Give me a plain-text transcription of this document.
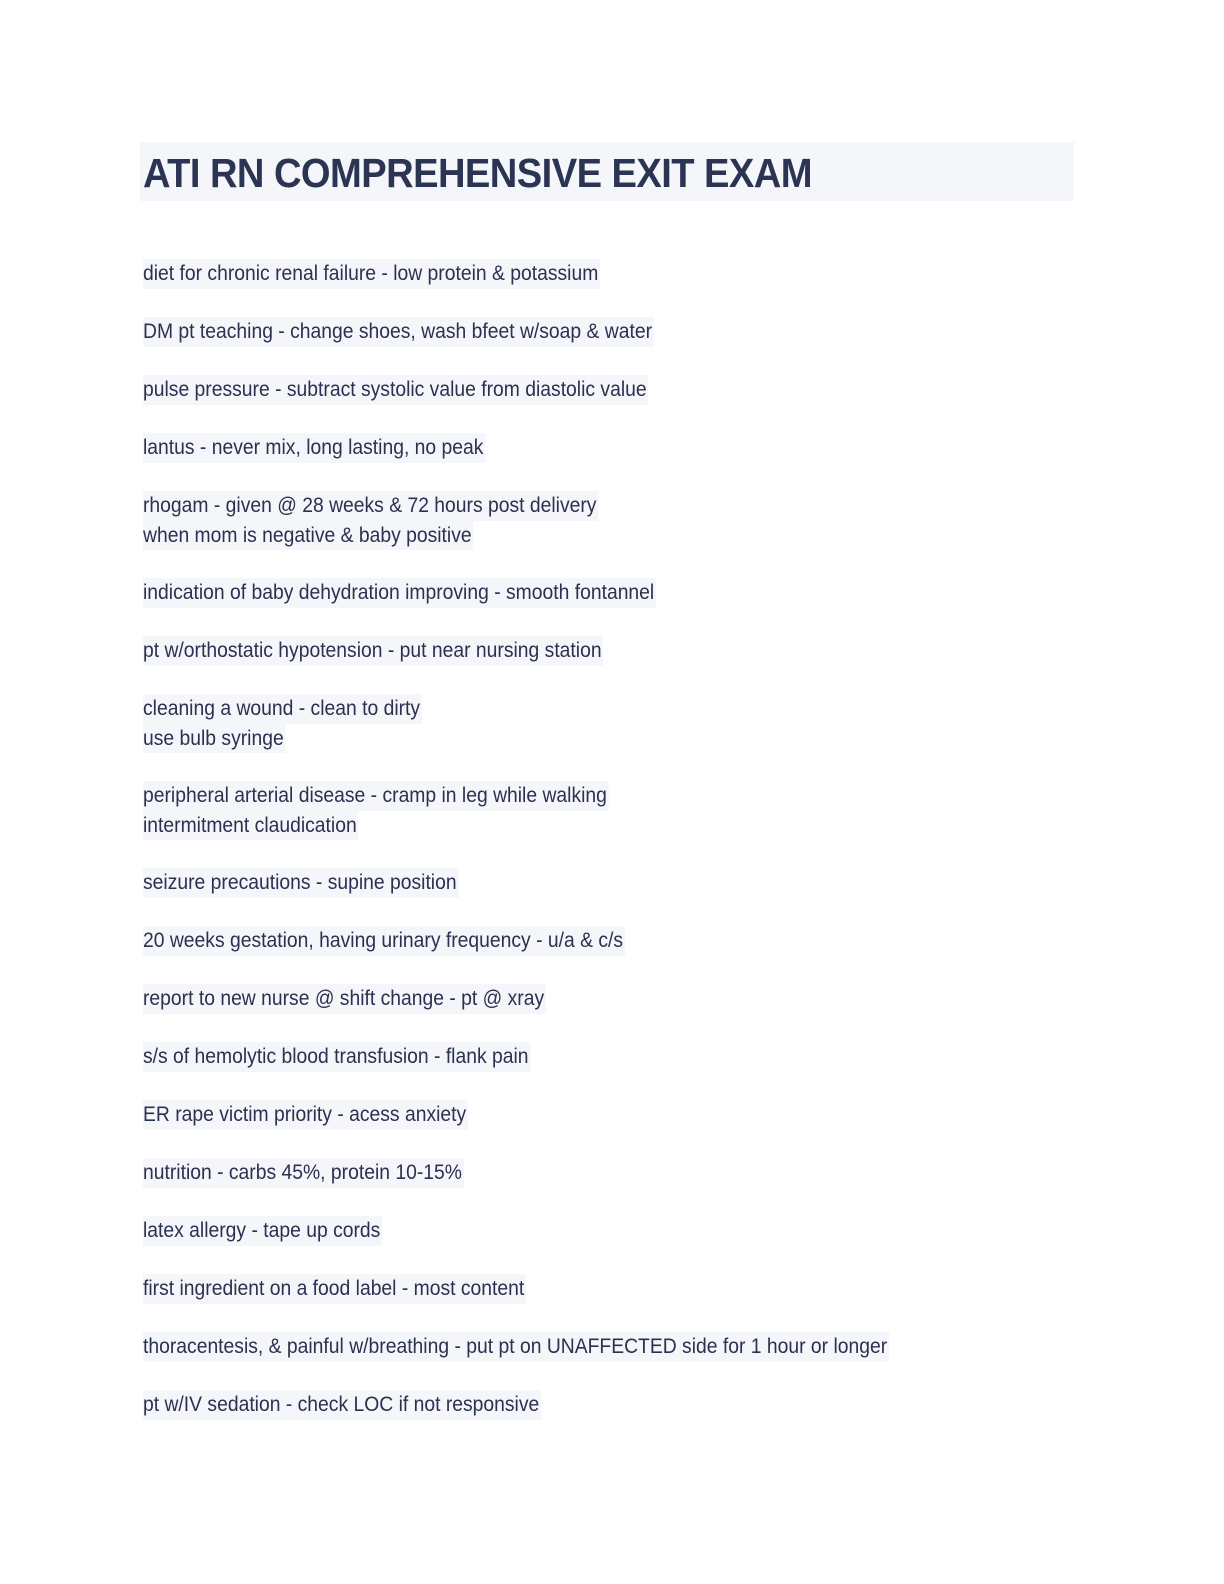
ATI RN COMPREHENSIVE EXIT EXAM
diet for chronic renal failure - low protein & potassium
DM pt teaching - change shoes, wash bfeet w/soap & water
pulse pressure - subtract systolic value from diastolic value
lantus - never mix, long lasting, no peak
rhogam - given @ 28 weeks & 72 hours post delivery
when mom is negative & baby positive
indication of baby dehydration improving - smooth fontannel
pt w/orthostatic hypotension - put near nursing station
cleaning a wound - clean to dirty
use bulb syringe
peripheral arterial disease - cramp in leg while walking
intermitment claudication
seizure precautions - supine position
20 weeks gestation, having urinary frequency - u/a & c/s
report to new nurse @ shift change - pt @ xray
s/s of hemolytic blood transfusion - flank pain
ER rape victim priority - acess anxiety
nutrition - carbs 45%, protein 10-15%
latex allergy - tape up cords
first ingredient on a food label - most content
thoracentesis, & painful w/breathing - put pt on UNAFFECTED side for 1 hour or longer
pt w/IV sedation - check LOC if not responsive
